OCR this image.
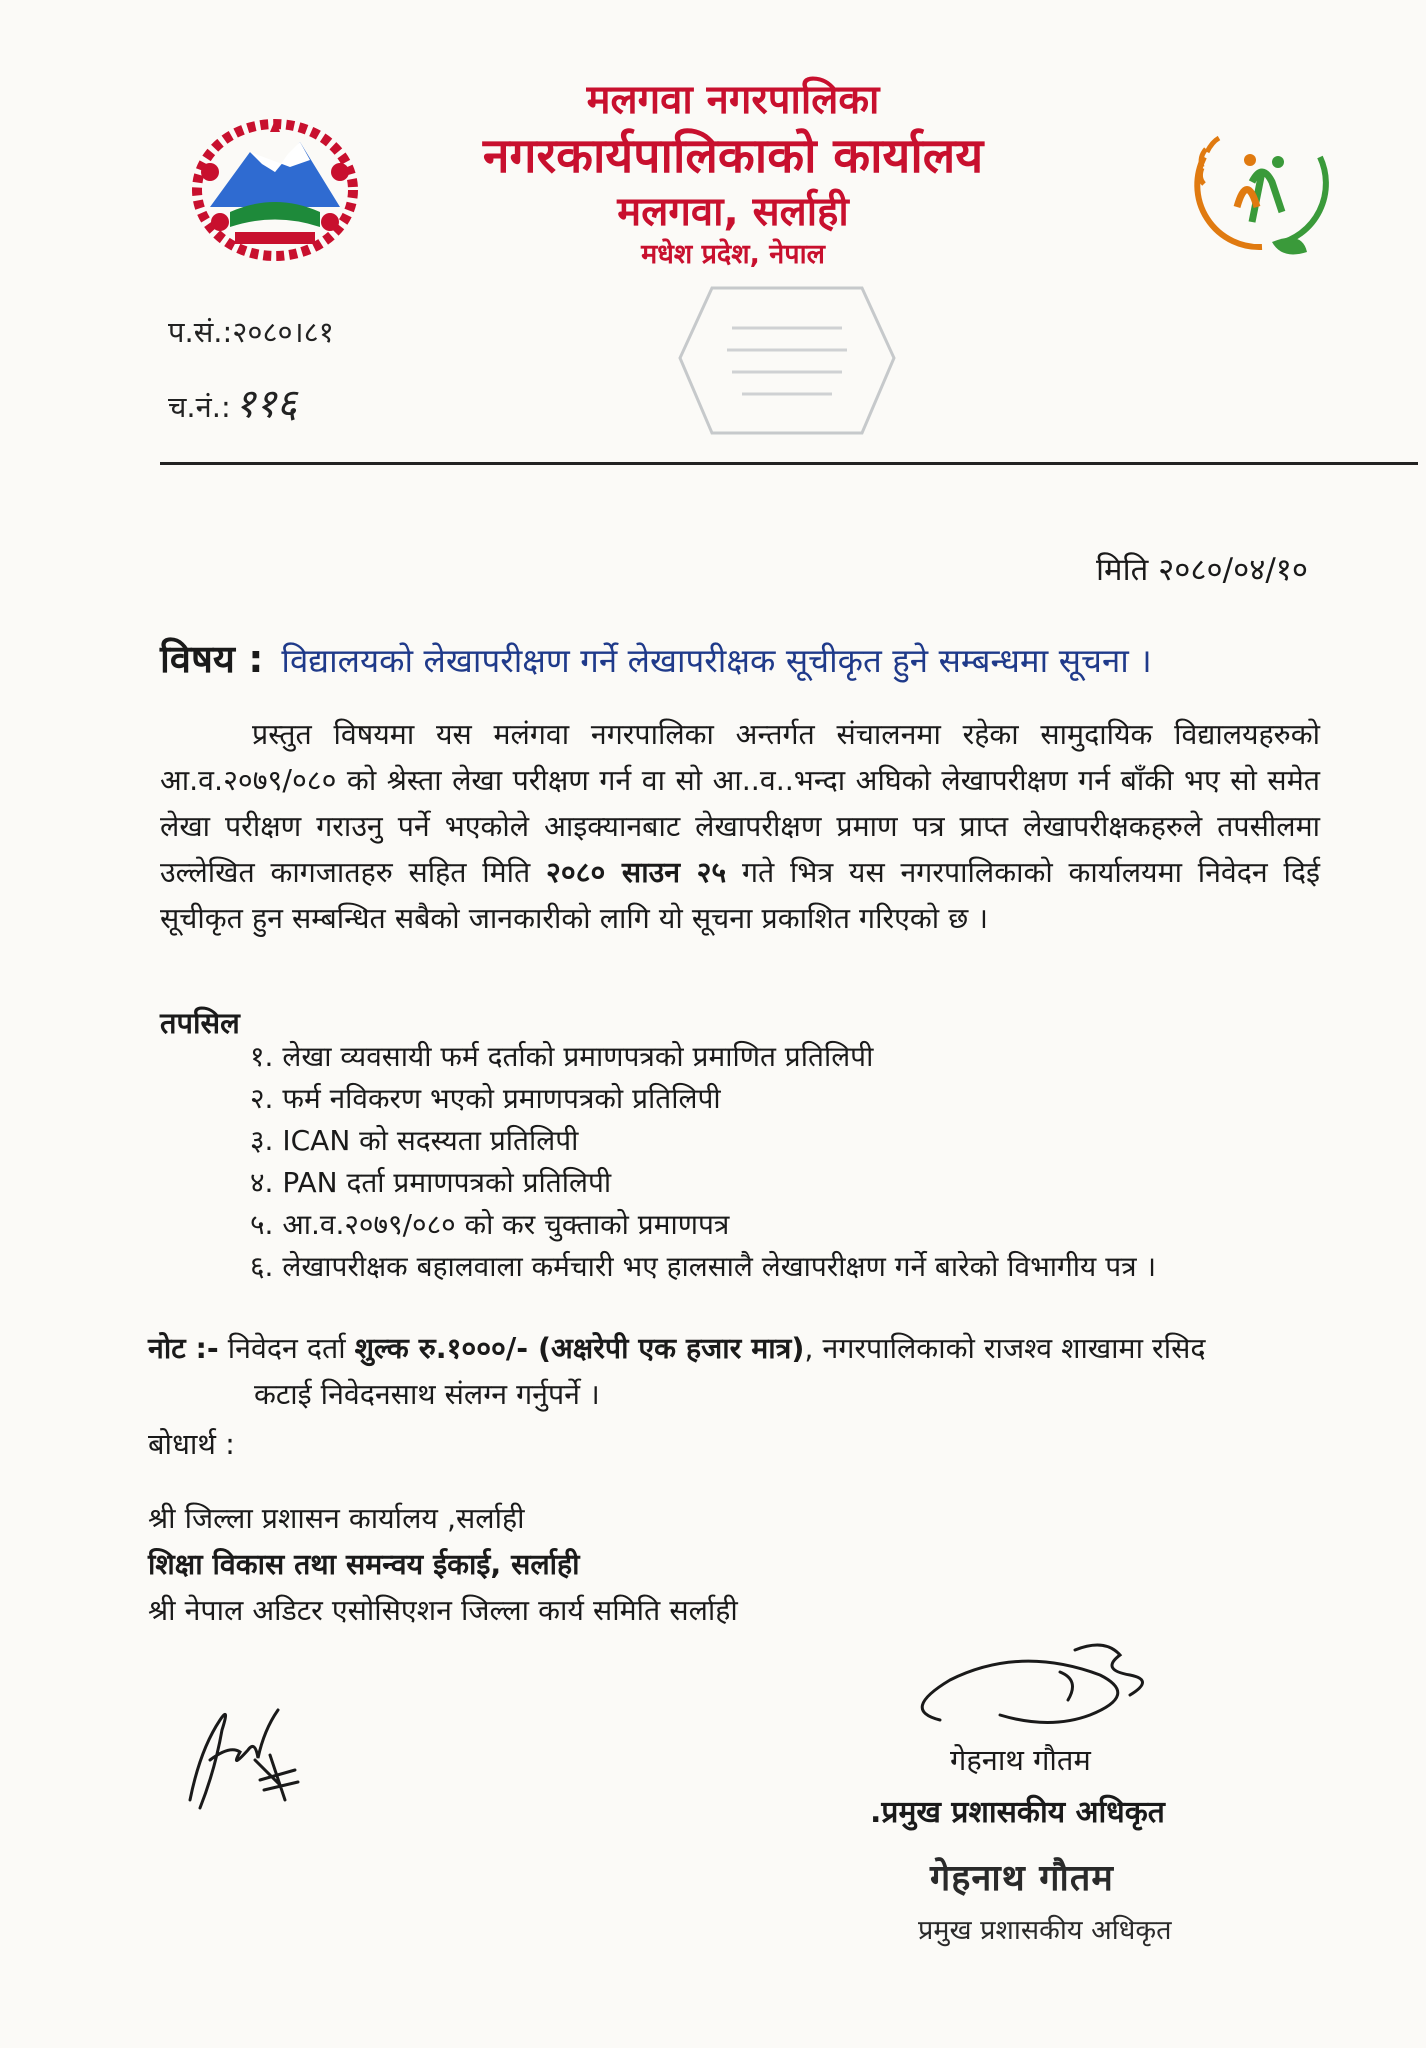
मलगवा नगरपालिका
नगरकार्यपालिकाको कार्यालय
मलगवा, सर्लाही
मधेश प्रदेश, नेपाल
प.सं.:२०८०।८१
च.नं.: ११६
मिति २०८०/०४/१०
विषय : विद्यालयको लेखापरीक्षण गर्ने लेखापरीक्षक सूचीकृत हुने सम्बन्धमा सूचना ।
प्रस्तुत विषयमा यस मलंगवा नगरपालिका अन्तर्गत संचालनमा रहेका सामुदायिक विद्यालयहरुको आ.व.२०७९/०८० को श्रेस्ता लेखा परीक्षण गर्न वा सो आ..व..भन्दा अघिको लेखापरीक्षण गर्न बाँकी भए सो समेत लेखा परीक्षण गराउनु पर्ने भएकोले आइक्यानबाट लेखापरीक्षण प्रमाण पत्र प्राप्त लेखापरीक्षकहरुले तपसीलमा उल्लेखित कागजातहरु सहित मिति २०८० साउन २५ गते भित्र यस नगरपालिकाको कार्यालयमा निवेदन दिई सूचीकृत हुन सम्बन्धित सबैको जानकारीको लागि यो सूचना प्रकाशित गरिएको छ ।
तपसिल
१. लेखा व्यवसायी फर्म दर्ताको प्रमाणपत्रको प्रमाणित प्रतिलिपी
२. फर्म नविकरण भएको प्रमाणपत्रको प्रतिलिपी
३. ICAN को सदस्यता प्रतिलिपी
४. PAN दर्ता प्रमाणपत्रको प्रतिलिपी
५. आ.व.२०७९/०८० को कर चुक्ताको प्रमाणपत्र
६. लेखापरीक्षक बहालवाला कर्मचारी भए हालसालै लेखापरीक्षण गर्ने बारेको विभागीय पत्र ।
नोट :- निवेदन दर्ता शुल्क रु.१०००/- (अक्षरेपी एक हजार मात्र), नगरपालिकाको राजश्व शाखामा रसिद
कटाई निवेदनसाथ संलग्न गर्नुपर्ने ।
बोधार्थ :
श्री जिल्ला प्रशासन कार्यालय ,सर्लाही
शिक्षा विकास तथा समन्वय ईकाई, सर्लाही
श्री नेपाल अडिटर एसोसिएशन जिल्ला कार्य समिति सर्लाही
गेहनाथ गौतम
.प्रमुख प्रशासकीय अधिकृत
गेहनाथ गौतम
प्रमुख प्रशासकीय अधिकृत
